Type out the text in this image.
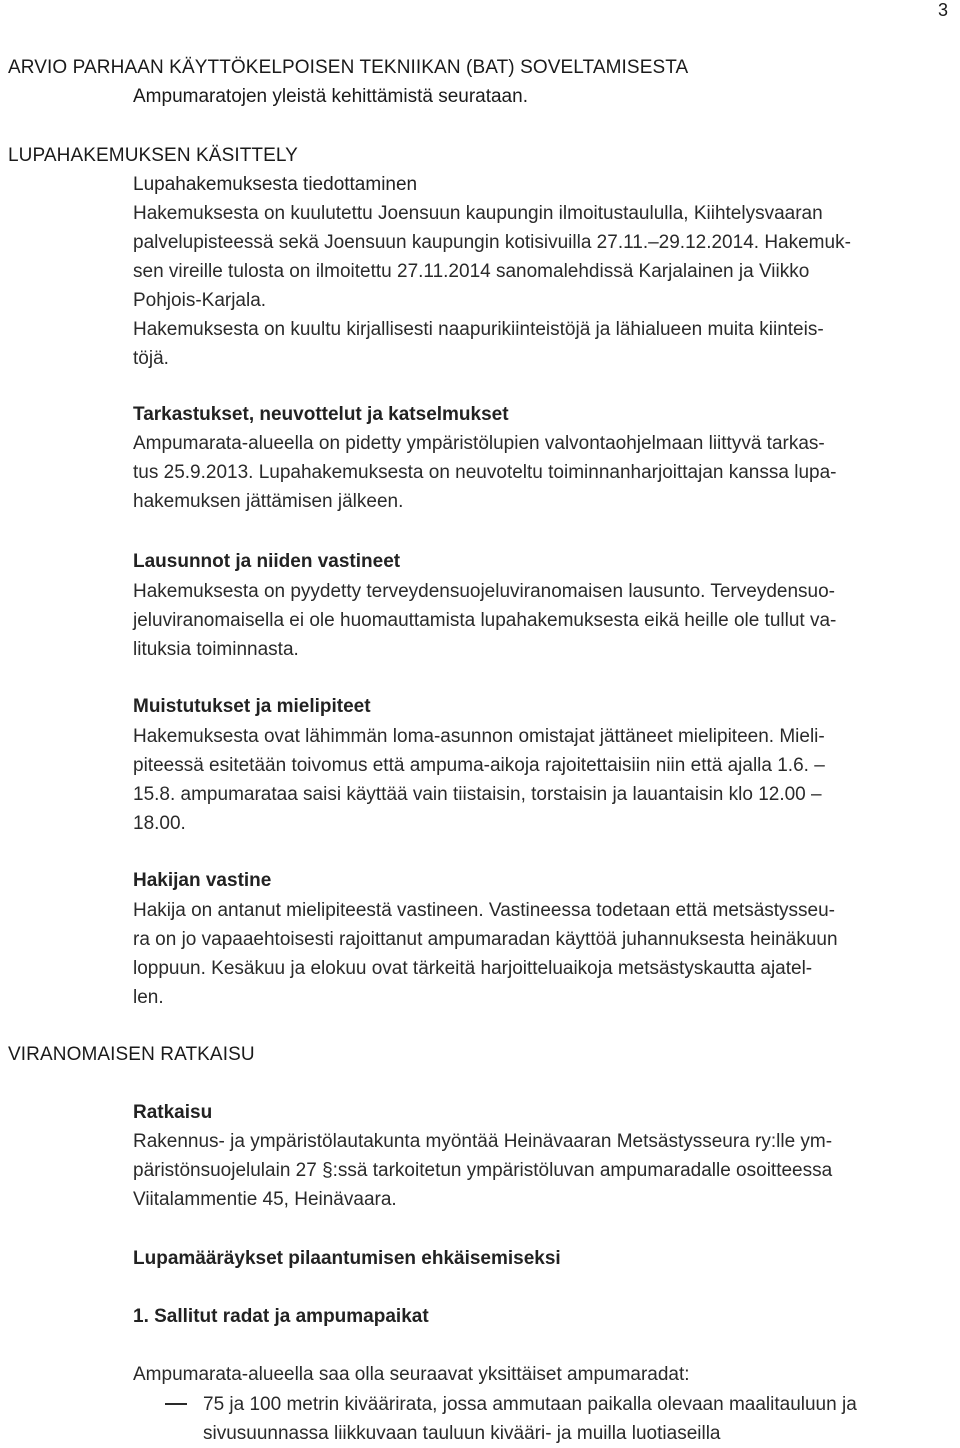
3
ARVIO PARHAAN KÄYTTÖKELPOISEN TEKNIIKAN (BAT) SOVELTAMISESTA

Ampumaratojen yleistä kehittämistä seurataan.

LUPAHAKEMUKSEN KÄSITTELY
Lupahakemuksesta tiedottaminen

Hakemuksesta on kuulutettu Joensuun kaupungin ilmoitustaululla, Kiihtelysvaaran
palvelupisteessä sekä Joensuun kaupungin kotisivuilla 27.11.–29.12.2014. Hakemuk-
sen vireille tulosta on ilmoitettu 27.11.2014 sanomalehdissä Karjalainen ja Viikko
Pohjois-Karjala.
Hakemuksesta on kuultu kirjallisesti naapurikiinteistöjä ja lähialueen muita kiinteis-
töjä.

Tarkastukset, neuvottelut ja katselmukset

Ampumarata-alueella on pidetty ympäristölupien valvontaohjelmaan liittyvä tarkas-
tus 25.9.2013. Lupahakemuksesta on neuvoteltu toiminnanharjoittajan kanssa lupa-
hakemuksen jättämisen jälkeen.

Lausunnot ja niiden vastineet

Hakemuksesta on pyydetty terveydensuojeluviranomaisen lausunto. Terveydensuo-
jeluviranomaisella ei ole huomauttamista lupahakemuksesta eikä heille ole tullut va-
lituksia toiminnasta.

Muistutukset ja mielipiteet

Hakemuksesta ovat lähimmän loma-asunnon omistajat jättäneet mielipiteen. Mieli-
piteessä esitetään toivomus että ampuma-aikoja rajoitettaisiin niin että ajalla 1.6. –
15.8. ampumarataa saisi käyttää vain tiistaisin, torstaisin ja lauantaisin klo 12.00 –
18.00.

Hakijan vastine

Hakija on antanut mielipiteestä vastineen. Vastineessa todetaan että metsästysseu-
ra on jo vapaaehtoisesti rajoittanut ampumaradan käyttöä juhannuksesta heinäkuun
loppuun. Kesäkuu ja elokuu ovat tärkeitä harjoitteluaikoja metsästyskautta ajatel-
len.

VIRANOMAISEN RATKAISU
Ratkaisu

Rakennus- ja ympäristölautakunta myöntää Heinävaaran Metsästysseura ry:lle ym-
päristönsuojelulain 27 §:ssä tarkoitetun ympäristöluvan ampumaradalle osoitteessa
Viitalammentie 45, Heinävaara.

Lupamääräykset pilaantumisen ehkäisemiseksi
1. Sallitut radat ja ampumapaikat

Ampumarata-alueella saa olla seuraavat yksittäiset ampumaradat:

75 ja 100 metrin kiväärirata, jossa ammutaan paikalla olevaan maalitauluun ja
sivusuunnassa liikkuvaan tauluun kivääri- ja muilla luotiaseilla
